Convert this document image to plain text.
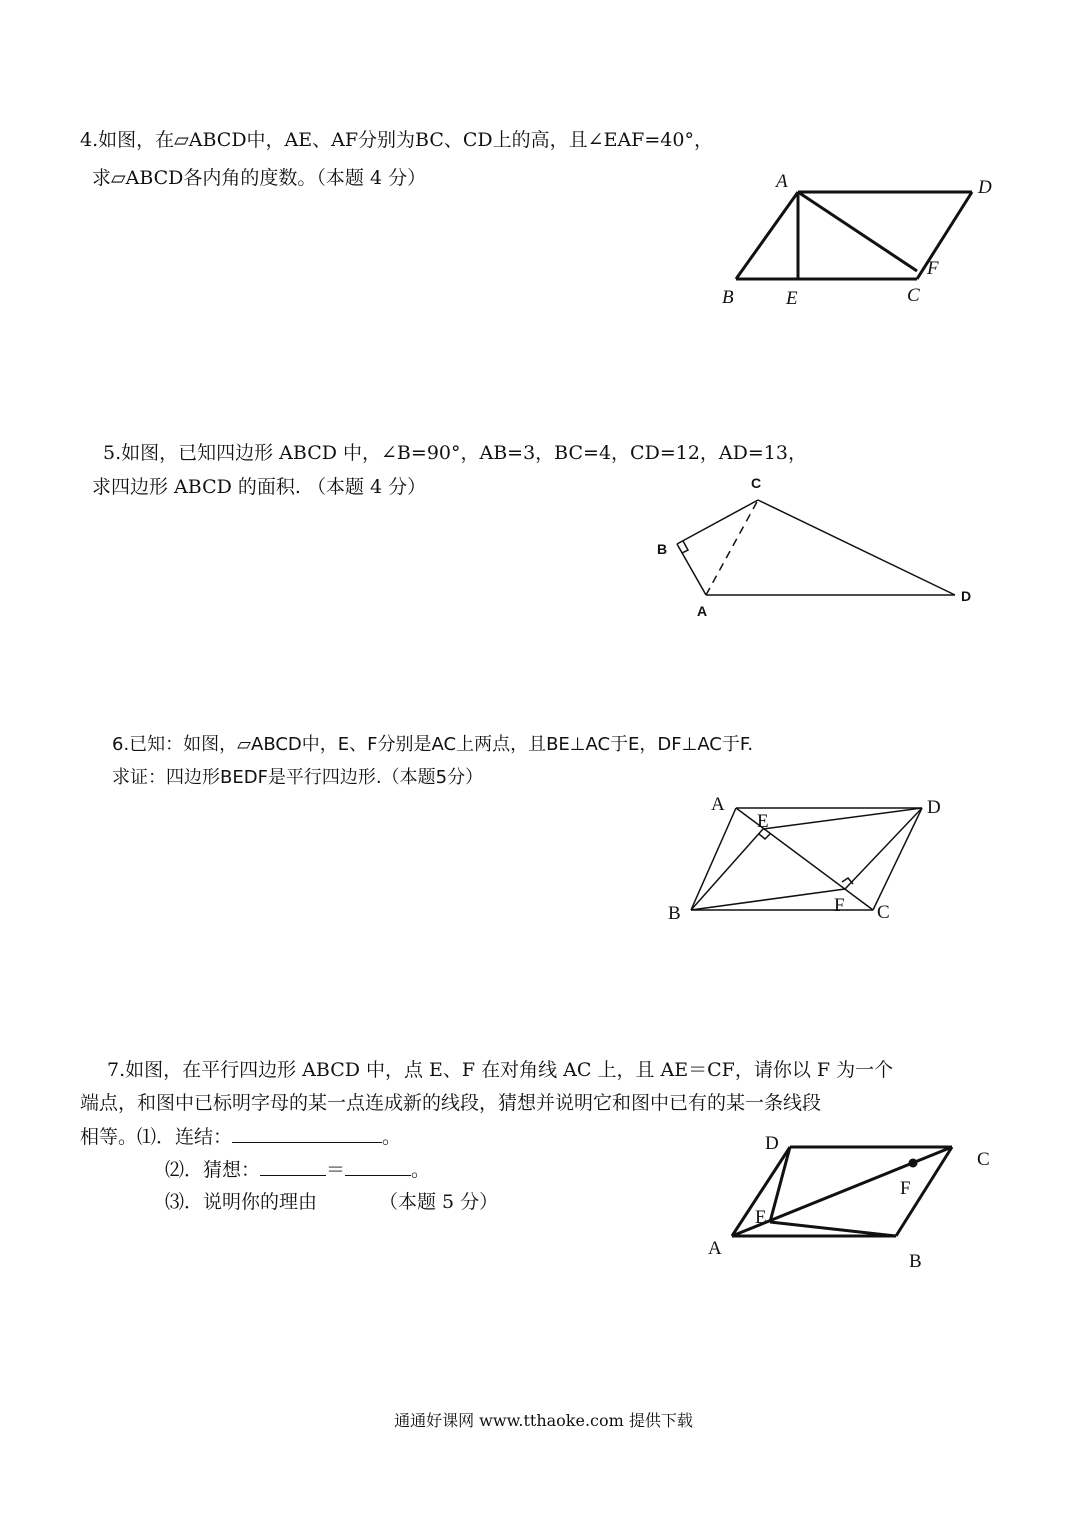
4.如图，在▱ABCD中，AE、AF分别为BC、CD上的高，且∠EAF=40°，
求▱ABCD各内角的度数。（本题 4 分）	A	D
B	E	C
F
5.如图，已知四边形 ABCD 中，∠B=90°，AB=3，BC=4，CD=12，AD=13，
求四边形 ABCD 的面积. （本题 4 分）	C
B
A
D
6.已知：如图，▱ABCD中，E、F分别是AC上两点，且BE⊥AC于E，DF⊥AC于F.
求证：四边形BEDF是平行四边形.（本题5分）
A
E
D
B	F C
7.如图，在平行四边形 ABCD 中，点 E、F 在对角线 AC 上，且 AE＝CF，请你以 F 为一个
端点，和图中已标明字母的某一点连成新的线段，猜想并说明它和图中已有的某一条线段
相等。⑴．连结：	。
⑵．猜想：	＝	。
⑶．说明你的理由	（本题 5 分）
D
C
F
E
A
B
通通好课网 www.tthaoke.com 提供下载
